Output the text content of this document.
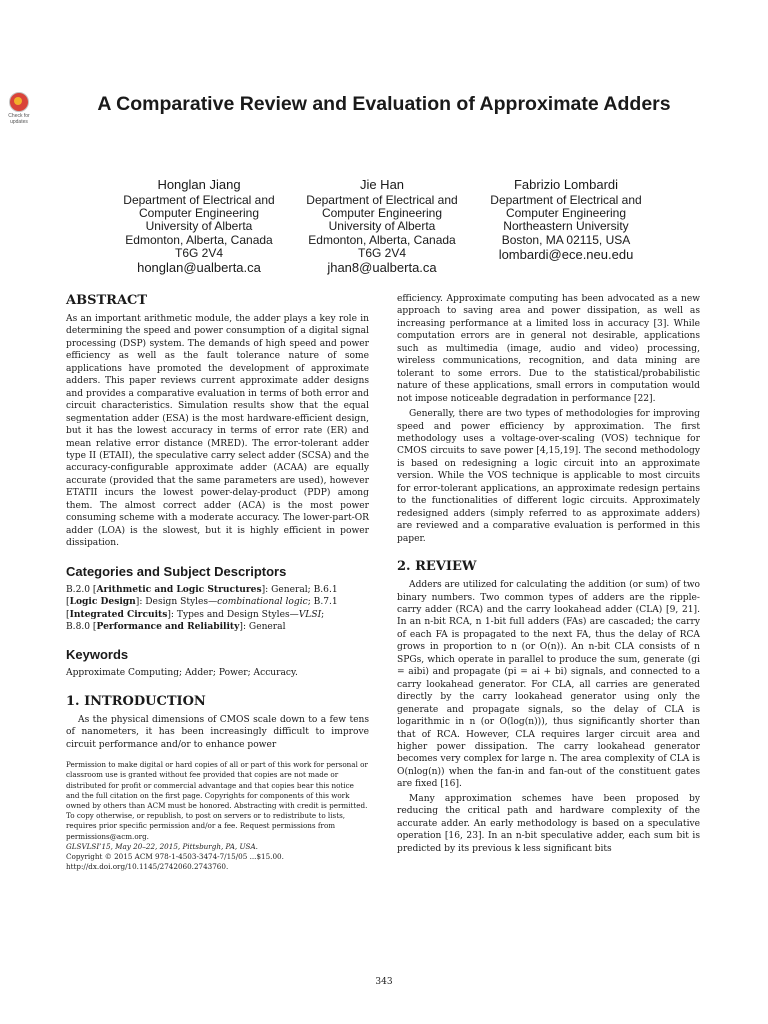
Check for updates
A Comparative Review and Evaluation of Approximate Adders
Honglan Jiang
Department of Electrical and Computer Engineering
University of Alberta
Edmonton, Alberta, Canada
T6G 2V4
honglan@ualberta.ca
Jie Han
Department of Electrical and Computer Engineering
University of Alberta
Edmonton, Alberta, Canada
T6G 2V4
jhan8@ualberta.ca
Fabrizio Lombardi
Department of Electrical and Computer Engineering
Northeastern University
Boston, MA 02115, USA
lombardi@ece.neu.edu
ABSTRACT

As an important arithmetic module, the adder plays a key role in determining the speed and power consumption of a digital signal processing (DSP) system. The demands of high speed and power efficiency as well as the fault tolerance nature of some applications have promoted the development of approximate adders. This paper reviews current approximate adder designs and provides a comparative evaluation in terms of both error and circuit characteristics. Simulation results show that the equal segmentation adder (ESA) is the most hardware-efficient design, but it has the lowest accuracy in terms of error rate (ER) and mean relative error distance (MRED). The error-tolerant adder type II (ETAII), the speculative carry select adder (SCSA) and the accuracy-configurable approximate adder (ACAA) are equally accurate (provided that the same parameters are used), however ETATII incurs the lowest power-delay-product (PDP) among them. The almost correct adder (ACA) is the most power consuming scheme with a moderate accuracy. The lower-part-OR adder (LOA) is the slowest, but it is highly efficient in power dissipation.

Categories and Subject Descriptors

B.2.0 [Arithmetic and Logic Structures]: General; B.6.1
[Logic Design]: Design Styles—combinational logic; B.7.1
[Integrated Circuits]: Types and Design Styles—VLSI;
B.8.0 [Performance and Reliability]: General

Keywords

Approximate Computing; Adder; Power; Accuracy.

1. INTRODUCTION

As the physical dimensions of CMOS scale down to a few tens of nanometers, it has been increasingly difficult to improve circuit performance and/or to enhance power

Permission to make digital or hard copies of all or part of this work for personal or classroom use is granted without fee provided that copies are not made or distributed for profit or commercial advantage and that copies bear this notice and the full citation on the first page. Copyrights for components of this work owned by others than ACM must be honored. Abstracting with credit is permitted. To copy otherwise, or republish, to post on servers or to redistribute to lists, requires prior specific permission and/or a fee. Request permissions from permissions@acm.org.

GLSVLSI’15, May 20–22, 2015, Pittsburgh, PA, USA.

Copyright © 2015 ACM 978-1-4503-3474-7/15/05 ...$15.00.

http://dx.doi.org/10.1145/2742060.2743760.

efficiency. Approximate computing has been advocated as a new approach to saving area and power dissipation, as well as increasing performance at a limited loss in accuracy [3]. While computation errors are in general not desirable, applications such as multimedia (image, audio and video) processing, wireless communications, recognition, and data mining are tolerant to some errors. Due to the statistical/probabilistic nature of these applications, small errors in computation would not impose noticeable degradation in performance [22].

Generally, there are two types of methodologies for improving speed and power efficiency by approximation. The first methodology uses a voltage-over-scaling (VOS) technique for CMOS circuits to save power [4,15,19]. The second methodology is based on redesigning a logic circuit into an approximate version. While the VOS technique is applicable to most circuits for error-tolerant applications, an approximate redesign pertains to the functionalities of different logic circuits. Approximately redesigned adders (simply referred to as approximate adders) are reviewed and a comparative evaluation is performed in this paper.

2. REVIEW

Adders are utilized for calculating the addition (or sum) of two binary numbers. Two common types of adders are the ripple-carry adder (RCA) and the carry lookahead adder (CLA) [9, 21]. In an n-bit RCA, n 1-bit full adders (FAs) are cascaded; the carry of each FA is propagated to the next FA, thus the delay of RCA grows in proportion to n (or O(n)). An n-bit CLA consists of n SPGs, which operate in parallel to produce the sum, generate (gi = aibi) and propagate (pi = ai + bi) signals, and connected to a carry lookahead generator. For CLA, all carries are generated directly by the carry lookahead generator using only the generate and propagate signals, so the delay of CLA is logarithmic in n (or O(log(n))), thus significantly shorter than that of RCA. However, CLA requires larger circuit area and higher power dissipation. The carry lookahead generator becomes very complex for large n. The area complexity of CLA is O(nlog(n)) when the fan-in and fan-out of the constituent gates are fixed [16].

Many approximation schemes have been proposed by reducing the critical path and hardware complexity of the accurate adder. An early methodology is based on a speculative operation [16, 23]. In an n-bit speculative adder, each sum bit is predicted by its previous k less significant bits

343
